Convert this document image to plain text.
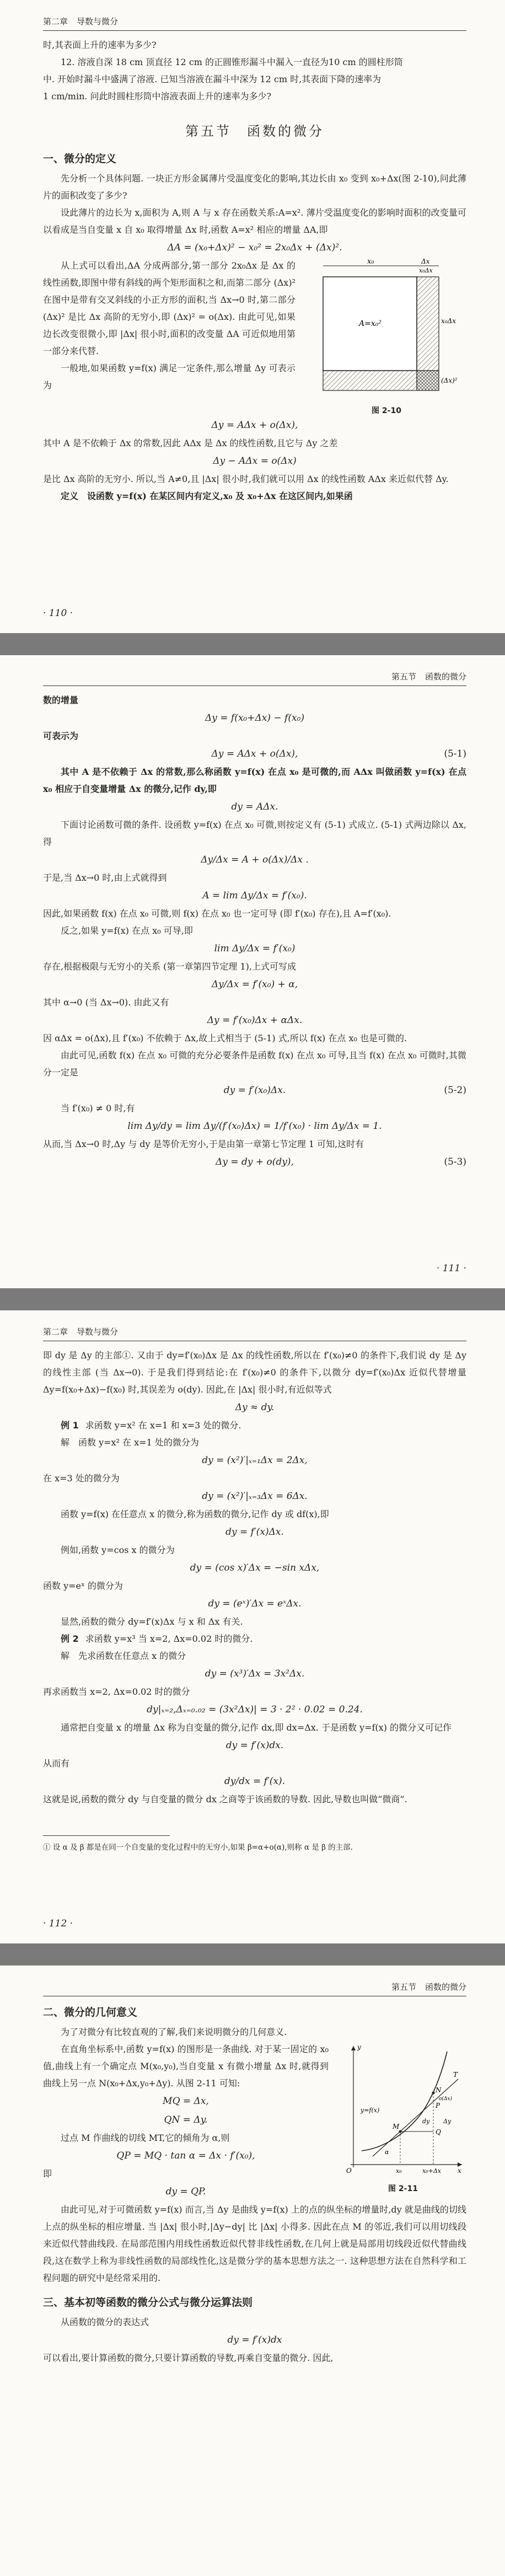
第二章 导数与微分
时,其表面上升的速率为多少?
12. 溶液自深 18 cm 顶直径 12 cm 的正圆锥形漏斗中漏入一直径为10 cm 的圆柱形筒
中. 开始时漏斗中盛满了溶液. 已知当溶液在漏斗中深为 12 cm 时,其表面下降的速率为
1 cm/min. 问此时圆柱形筒中溶液表面上升的速率为多少?
第五节　函数的微分
一、微分的定义

先分析一个具体问题. 一块正方形金属薄片受温度变化的影响,其边长由 x₀ 变到 x₀+Δx(图 2-10),问此薄片的面积改变了多少?

设此薄片的边长为 x,面积为 A,则 A 与 x 存在函数关系:A=x². 薄片受温度变化的影响时面积的改变量可以看成是当自变量 x 自 x₀ 取得增量 Δx 时,函数 A=x² 相应的增量 ΔA,即

ΔA = (x₀+Δx)² − x₀² = 2x₀Δx + (Δx)².

从上式可以看出,ΔA 分成两部分,第一部分 2x₀Δx 是 Δx 的线性函数,即图中带有斜线的两个矩形面积之和,而第二部分 (Δx)² 在图中是带有交叉斜线的小正方形的面积,当 Δx→0 时,第二部分 (Δx)² 是比 Δx 高阶的无穷小,即 (Δx)² = o(Δx). 由此可见,如果边长改变很微小,即 |Δx| 很小时,面积的改变量 ΔA 可近似地用第一部分来代替.

一般地,如果函数 y=f(x) 满足一定条件,那么增量 Δy 可表示为

x₀	Δx
A=x₀²
x₀Δx
(Δx)²
x₀Δx
图 2-10
Δy = AΔx + o(Δx),

其中 A 是不依赖于 Δx 的常数,因此 AΔx 是 Δx 的线性函数,且它与 Δy 之差

Δy − AΔx = o(Δx)

是比 Δx 高阶的无穷小. 所以,当 A≠0,且 |Δx| 很小时,我们就可以用 Δx 的线性函数 AΔx 来近似代替 Δy.

定义　设函数 y=f(x) 在某区间内有定义,x₀ 及 x₀+Δx 在这区间内,如果函

· 110 ·
第五节 函数的微分
数的增量
Δy = f(x₀+Δx) − f(x₀)
可表示为
Δy = AΔx + o(Δx),	(5-1)

其中 A 是不依赖于 Δx 的常数,那么称函数 y=f(x) 在点 x₀ 是可微的,而 AΔx 叫做函数 y=f(x) 在点 x₀ 相应于自变量增量 Δx 的微分,记作 dy,即

dy = AΔx.

下面讨论函数可微的条件. 设函数 y=f(x) 在点 x₀ 可微,则按定义有 (5-1) 式成立. (5-1) 式两边除以 Δx,得

Δy/Δx = A + o(Δx)/Δx .

于是,当 Δx→0 时,由上式就得到

A = lim Δy/Δx = f′(x₀).

因此,如果函数 f(x) 在点 x₀ 可微,则 f(x) 在点 x₀ 也一定可导 (即 f′(x₀) 存在),且 A=f′(x₀).

反之,如果 y=f(x) 在点 x₀ 可导,即

lim Δy/Δx = f′(x₀)

存在,根据极限与无穷小的关系 (第一章第四节定理 1),上式可写成

Δy/Δx = f′(x₀) + α,

其中 α→0 (当 Δx→0). 由此又有

Δy = f′(x₀)Δx + αΔx.

因 αΔx = o(Δx),且 f′(x₀) 不依赖于 Δx,故上式相当于 (5-1) 式,所以 f(x) 在点 x₀ 也是可微的.

由此可见,函数 f(x) 在点 x₀ 可微的充分必要条件是函数 f(x) 在点 x₀ 可导,且当 f(x) 在点 x₀ 可微时,其微分一定是

dy = f′(x₀)Δx.	(5-2)

当 f′(x₀) ≠ 0 时,有

lim Δy/dy = lim Δy/(f′(x₀)Δx) = 1/f′(x₀) · lim Δy/Δx = 1.

从而,当 Δx→0 时,Δy 与 dy 是等价无穷小,于是由第一章第七节定理 1 可知,这时有

Δy = dy + o(dy),	(5-3)
· 111 ·
第二章 导数与微分

即 dy 是 Δy 的主部①. 又由于 dy=f′(x₀)Δx 是 Δx 的线性函数,所以在 f′(x₀)≠0 的条件下,我们说 dy 是 Δy 的线性主部 (当 Δx→0). 于是我们得到结论:在 f′(x₀)≠0 的条件下,以微分 dy=f′(x₀)Δx 近似代替增量 Δy=f(x₀+Δx)−f(x₀) 时,其误差为 o(dy). 因此,在 |Δx| 很小时,有近似等式

Δy ≈ dy.
例 1 求函数 y=x² 在 x=1 和 x=3 处的微分.

解　函数 y=x² 在 x=1 处的微分为

dy = (x²)′|ₓ₌₁Δx = 2Δx,

在 x=3 处的微分为

dy = (x²)′|ₓ₌₃Δx = 6Δx.

函数 y=f(x) 在任意点 x 的微分,称为函数的微分,记作 dy 或 df(x),即

dy = f′(x)Δx.

例如,函数 y=cos x 的微分为

dy = (cos x)′Δx = −sin xΔx,

函数 y=eˣ 的微分为

dy = (eˣ)′Δx = eˣΔx.

显然,函数的微分 dy=f′(x)Δx 与 x 和 Δx 有关.

例 2 求函数 y=x³ 当 x=2, Δx=0.02 时的微分.

解　先求函数在任意点 x 的微分

dy = (x³)′Δx = 3x²Δx.

再求函数当 x=2, Δx=0.02 时的微分

dy|ₓ₌₂,Δₓ₌₀.₀₂ = (3x²Δx)| = 3 · 2² · 0.02 = 0.24.

通常把自变量 x 的增量 Δx 称为自变量的微分,记作 dx,即 dx=Δx. 于是函数 y=f(x) 的微分又可记作

dy = f′(x)dx.

从而有

dy/dx = f′(x).

这就是说,函数的微分 dy 与自变量的微分 dx 之商等于该函数的导数. 因此,导数也叫做“微商”.

① 设 α 及 β 都是在同一个自变量的变化过程中的无穷小,如果 β=α+o(α),则称 α 是 β 的主部.

· 112 ·
第五节 函数的微分
二、微分的几何意义

为了对微分有比较直观的了解,我们来说明微分的几何意义.

在直角坐标系中,函数 y=f(x) 的图形是一条曲线. 对于某一固定的 x₀ 值,曲线上有一个确定点 M(x₀,y₀),当自变量 x 有微小增量 Δx 时,就得到曲线上另一点 N(x₀+Δx,y₀+Δy). 从图 2-11 可知:

MQ = Δx,
QN = Δy.

过点 M 作曲线的切线 MT,它的倾角为 α,则

QP = MQ · tan α = Δx · f′(x₀),

即

dy = QP.
T
N
P
M
Q
dy Δy
y=f(x)
α
O	x₀	x₀+Δx	x
y
o(Δx)
图 2-11

由此可见,对于可微函数 y=f(x) 而言,当 Δy 是曲线 y=f(x) 上的点的纵坐标的增量时,dy 就是曲线的切线上点的纵坐标的相应增量. 当 |Δx| 很小时,|Δy−dy| 比 |Δx| 小得多. 因此在点 M 的邻近,我们可以用切线段来近似代替曲线段. 在局部范围内用线性函数近似代替非线性函数,在几何上就是局部用切线段近似代替曲线段,这在数学上称为非线性函数的局部线性化,这是微分学的基本思想方法之一. 这种思想方法在自然科学和工程问题的研究中是经常采用的.

三、基本初等函数的微分公式与微分运算法则

从函数的微分的表达式

dy = f′(x)dx

可以看出,要计算函数的微分,只要计算函数的导数,再乘自变量的微分. 因此,
